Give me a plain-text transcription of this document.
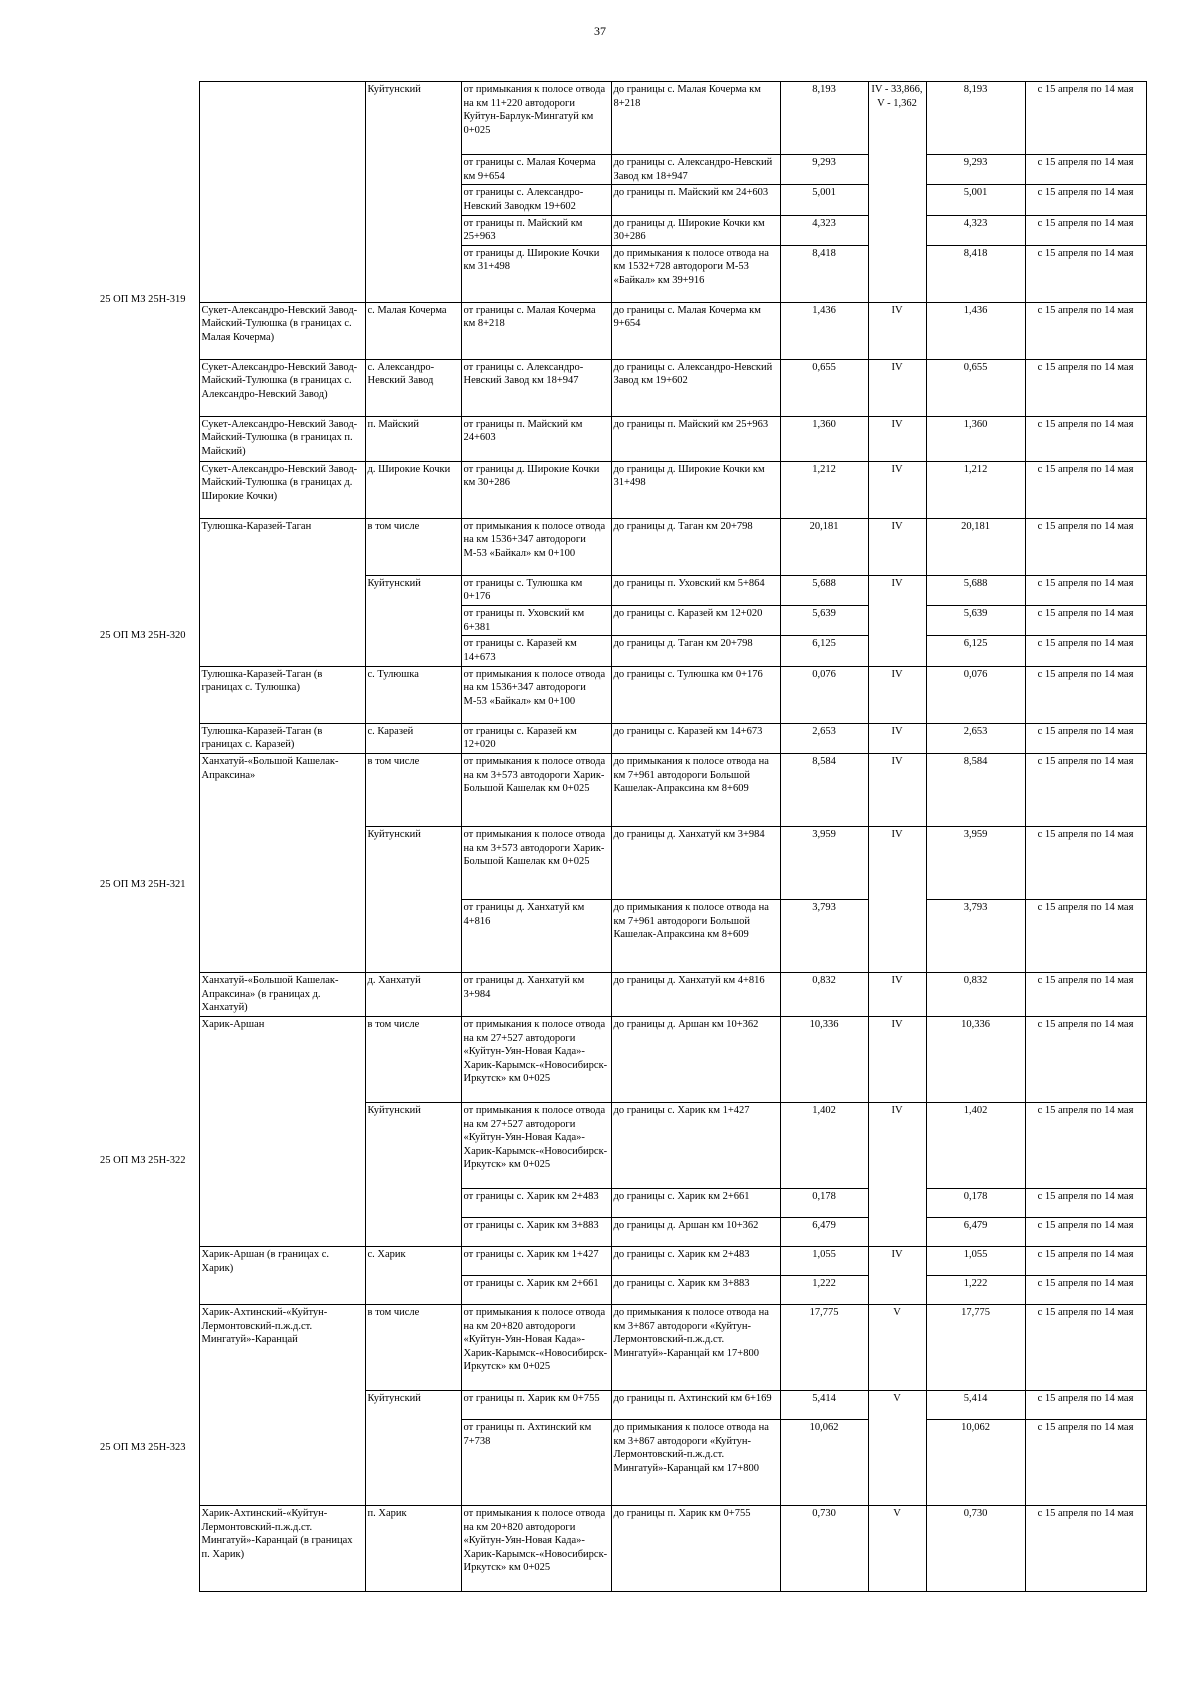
37
25 ОП МЗ 25Н-319		Куйтунский	от примыкания к полосе отвода на км 11+220 автодороги Куйтун-Барлук-Мингатуй км 0+025	до границы с. Малая Кочерма км 8+218	8,193	IV - 33,866, V - 1,362	8,193	с 15 апреля по 14 мая
			от границы с. Малая Кочерма км 9+654	до границы с. Александро-Невский Завод км 18+947	9,293		9,293	с 15 апреля по 14 мая
			от границы с. Александро-Невский Заводкм 19+602	до границы п. Майский км 24+603	5,001		5,001	с 15 апреля по 14 мая
			от границы п. Майский км 25+963	до границы д. Широкие Кочки км 30+286	4,323		4,323	с 15 апреля по 14 мая
			от границы д. Широкие Кочки км 31+498	до примыкания к полосе отвода на км 1532+728 автодороги М-53 «Байкал» км 39+916	8,418		8,418	с 15 апреля по 14 мая
	Сукет-Александро-Невский Завод-Майский-Тулюшка (в границах с. Малая Кочерма)	с. Малая Кочерма	от границы с. Малая Кочерма км 8+218	до границы с. Малая Кочерма км 9+654	1,436	IV	1,436	с 15 апреля по 14 мая
	Сукет-Александро-Невский Завод-Майский-Тулюшка (в границах с. Александро-Невский Завод)	с. Александро-Невский Завод	от границы с. Александро-Невский Завод км 18+947	до границы с. Александро-Невский Завод км 19+602	0,655	IV	0,655	с 15 апреля по 14 мая
	Сукет-Александро-Невский Завод-Майский-Тулюшка (в границах п. Майский)	п. Майский	от границы п. Майский км 24+603	до границы п. Майский км 25+963	1,360	IV	1,360	с 15 апреля по 14 мая
	Сукет-Александро-Невский Завод-Майский-Тулюшка (в границах д. Широкие Кочки)	д. Широкие Кочки	от границы д. Широкие Кочки км 30+286	до границы д. Широкие Кочки км 31+498	1,212	IV	1,212	с 15 апреля по 14 мая
25 ОП МЗ 25Н-320	Тулюшка-Каразей-Таган	в том числе	от примыкания к полосе отвода на км 1536+347 автодороги М-53 «Байкал» км 0+100	до границы д. Таган км 20+798	20,181	IV	20,181	с 15 апреля по 14 мая
		Куйтунский	от границы с. Тулюшка км 0+176	до границы п. Уховский км 5+864	5,688	IV	5,688	с 15 апреля по 14 мая
			от границы п. Уховский км 6+381	до границы с. Каразей км 12+020	5,639		5,639	с 15 апреля по 14 мая
			от границы с. Каразей км 14+673	до границы д. Таган км 20+798	6,125		6,125	с 15 апреля по 14 мая
	Тулюшка-Каразей-Таган (в границах с. Тулюшка)	с. Тулюшка	от примыкания к полосе отвода на км 1536+347 автодороги М-53 «Байкал» км 0+100	до границы с. Тулюшка км 0+176	0,076	IV	0,076	с 15 апреля по 14 мая
	Тулюшка-Каразей-Таган (в границах с. Каразей)	с. Каразей	от границы с. Каразей км 12+020	до границы с. Каразей км 14+673	2,653	IV	2,653	с 15 апреля по 14 мая
25 ОП МЗ 25Н-321	Ханхатуй-«Большой Кашелак-Апраксина»	в том числе	от примыкания к полосе отвода на км 3+573 автодороги Харик-Большой Кашелак км 0+025	до примыкания к полосе отвода на км 7+961 автодороги Большой Кашелак-Апраксина км 8+609	8,584	IV	8,584	с 15 апреля по 14 мая
		Куйтунский	от примыкания к полосе отвода на км 3+573 автодороги Харик-Большой Кашелак км 0+025	до границы д. Ханхатуй км 3+984	3,959	IV	3,959	с 15 апреля по 14 мая
			от границы д. Ханхатуй км 4+816	до примыкания к полосе отвода на км 7+961 автодороги Большой Кашелак-Апраксина км 8+609	3,793		3,793	с 15 апреля по 14 мая
	Ханхатуй-«Большой Кашелак-Апраксина» (в границах д. Ханхатуй)	д. Ханхатуй	от границы д. Ханхатуй км 3+984	до границы д. Ханхатуй км 4+816	0,832	IV	0,832	с 15 апреля по 14 мая
25 ОП МЗ 25Н-322	Харик-Аршан	в том числе	от примыкания к полосе отвода на км 27+527 автодороги «Куйтун-Уян-Новая Када»-Харик-Карымск-«Новосибирск-Иркутск» км 0+025	до границы д. Аршан км 10+362	10,336	IV	10,336	с 15 апреля по 14 мая
		Куйтунский	от примыкания к полосе отвода на км 27+527 автодороги «Куйтун-Уян-Новая Када»-Харик-Карымск-«Новосибирск-Иркутск» км 0+025	до границы с. Харик км 1+427	1,402	IV	1,402	с 15 апреля по 14 мая
			от границы с. Харик км 2+483	до границы с. Харик км 2+661	0,178		0,178	с 15 апреля по 14 мая
			от границы с. Харик км 3+883	до границы д. Аршан км 10+362	6,479		6,479	с 15 апреля по 14 мая
	Харик-Аршан (в границах с. Харик)	с. Харик	от границы с. Харик км 1+427	до границы с. Харик км 2+483	1,055	IV	1,055	с 15 апреля по 14 мая
			от границы с. Харик км 2+661	до границы с. Харик км 3+883	1,222		1,222	с 15 апреля по 14 мая
25 ОП МЗ 25Н-323	Харик-Ахтинский-«Куйтун-Лермонтовский-п.ж.д.ст. Мингатуй»-Каранцай	в том числе	от примыкания к полосе отвода на км 20+820 автодороги «Куйтун-Уян-Новая Када»-Харик-Карымск-«Новосибирск-Иркутск» км 0+025	до примыкания к полосе отвода на км 3+867 автодороги «Куйтун-Лермонтовский-п.ж.д.ст. Мингатуй»-Каранцай км 17+800	17,775	V	17,775	с 15 апреля по 14 мая
		Куйтунский	от границы п. Харик км 0+755	до границы п. Ахтинский км 6+169	5,414	V	5,414	с 15 апреля по 14 мая
			от границы п. Ахтинский км 7+738	до примыкания к полосе отвода на км 3+867 автодороги «Куйтун-Лермонтовский-п.ж.д.ст. Мингатуй»-Каранцай км 17+800	10,062		10,062	с 15 апреля по 14 мая
	Харик-Ахтинский-«Куйтун-Лермонтовский-п.ж.д.ст. Мингатуй»-Каранцай (в границах п. Харик)	п. Харик	от примыкания к полосе отвода на км 20+820 автодороги «Куйтун-Уян-Новая Када»-Харик-Карымск-«Новосибирск-Иркутск» км 0+025	до границы п. Харик км 0+755	0,730	V	0,730	с 15 апреля по 14 мая
